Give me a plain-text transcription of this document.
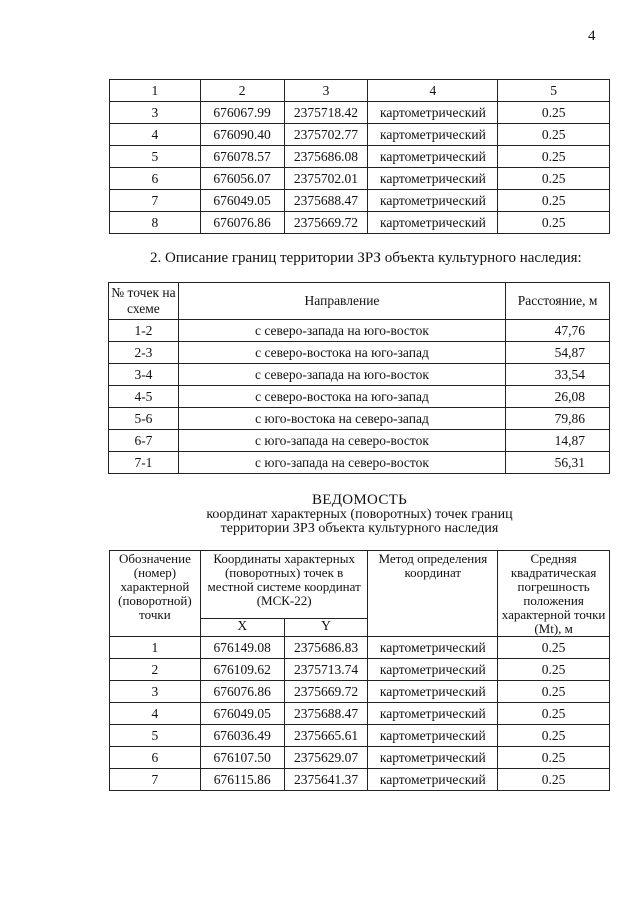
4
1	2	3	4	5
3	676067.99	2375718.42	картометрический	0.25
4	676090.40	2375702.77	картометрический	0.25
5	676078.57	2375686.08	картометрический	0.25
6	676056.07	2375702.01	картометрический	0.25
7	676049.05	2375688.47	картометрический	0.25
8	676076.86	2375669.72	картометрический	0.25
2. Описание границ территории ЗРЗ объекта культурного наследия:
№ точек на схеме	Направление	Расстояние, м
1-2	с северо-запада на юго-восток	47,76
2-3	с северо-востока на юго-запад	54,87
3-4	с северо-запада на юго-восток	33,54
4-5	с северо-востока на юго-запад	26,08
5-6	с юго-востока на северо-запад	79,86
6-7	с юго-запада на северо-восток	14,87
7-1	с юго-запада на северо-восток	56,31
ВЕДОМОСТЬ
координат характерных (поворотных) точек границ
территории ЗРЗ объекта культурного наследия
Обозначение (номер) характерной (поворотной) точки	Координаты характерных (поворотных) точек в местной системе координат (МСК-22)		Метод определения координат	Средняя квадратическая погрешность положения характерной точки (Mt), м
	X	Y		
1	676149.08	2375686.83	картометрический	0.25
2	676109.62	2375713.74	картометрический	0.25
3	676076.86	2375669.72	картометрический	0.25
4	676049.05	2375688.47	картометрический	0.25
5	676036.49	2375665.61	картометрический	0.25
6	676107.50	2375629.07	картометрический	0.25
7	676115.86	2375641.37	картометрический	0.25
